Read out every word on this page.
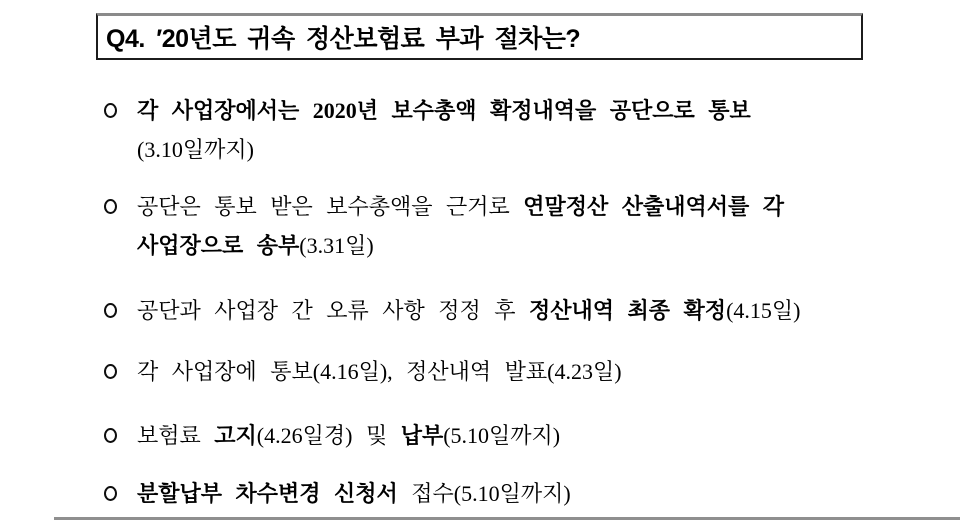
Q4. ′20년도 귀속 정산보험료 부과 절차는?
각 사업장에서는 2020년 보수총액 확정내역을 공단으로 통보
(3.10일까지)
공단은 통보 받은 보수총액을 근거로 연말정산 산출내역서를 각
사업장으로 송부(3.31일)
공단과 사업장 간 오류 사항 정정 후 정산내역 최종 확정(4.15일)
각 사업장에 통보(4.16일), 정산내역 발표(4.23일)
보험료 고지(4.26일경) 및 납부(5.10일까지)
분할납부 차수변경 신청서 접수(5.10일까지)
